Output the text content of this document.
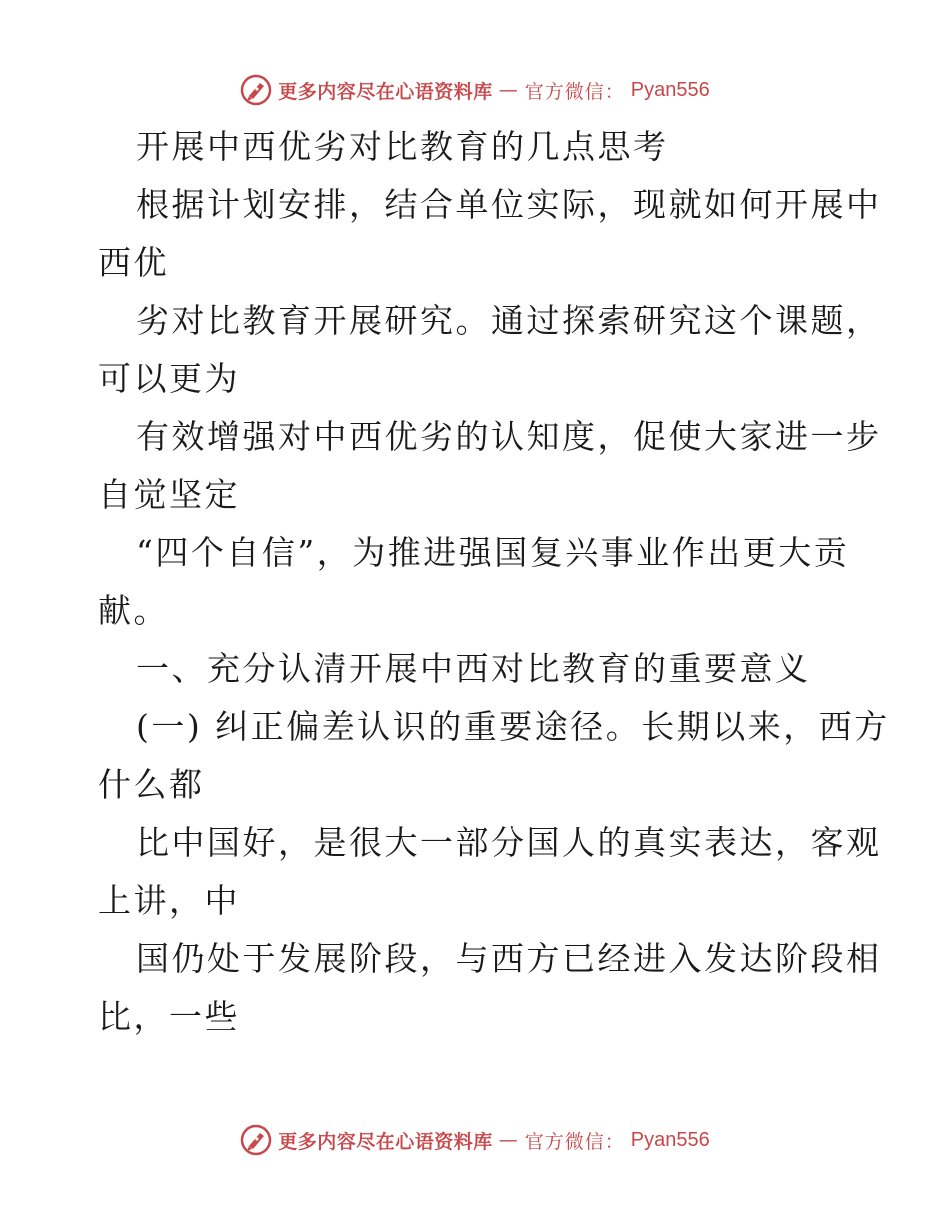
更多内容尽在心语资料库 — 官方微信： Pyan556
开展中西优劣对比教育的几点思考
根据计划安排，结合单位实际，现就如何开展中
西优
劣对比教育开展研究。通过探索研究这个课题，
可以更为
有效增强对中西优劣的认知度，促使大家进一步
自觉坚定
“四个自信”，为推进强国复兴事业作出更大贡
献。
一、充分认清开展中西对比教育的重要意义
(一) 纠正偏差认识的重要途径。长期以来，西方
什么都
比中国好，是很大一部分国人的真实表达，客观
上讲，中
国仍处于发展阶段，与西方已经进入发达阶段相
比，一些
更多内容尽在心语资料库 — 官方微信： Pyan556
